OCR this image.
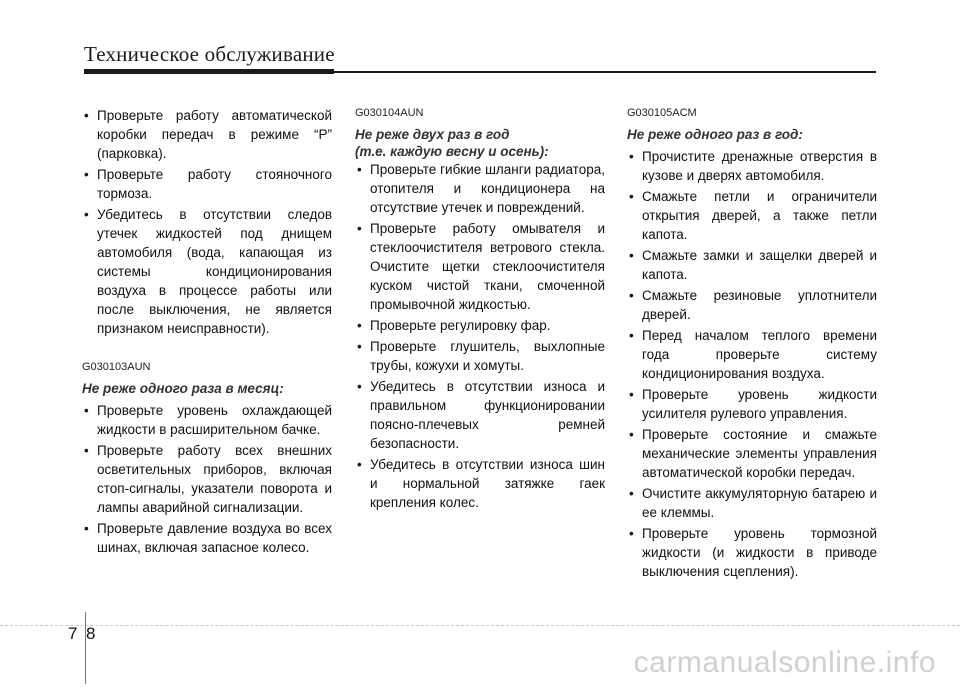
Техническое обслуживание
• Проверьте работу автоматической коробки передач в режиме “P” (парковка).
• Проверьте работу стояночного тормоза.
• Убедитесь в отсутствии следов утечек жидкостей под днищем автомобиля (вода, капающая из системы кондиционирования воздуха в процессе работы или после выключения, не является признаком неисправности).
G030103AUN
Не реже одного раза в месяц:
• Проверьте уровень охлаждающей жидкости в расширительном бачке.
• Проверьте работу всех внешних осветительных приборов, включая стоп-сигналы, указатели поворота и лампы аварийной сигнализации.
• Проверьте давление воздуха во всех шинах, включая запасное колесо.
G030104AUN
Не реже двух раз в год
(т.е. каждую весну и осень):
• Проверьте гибкие шланги радиатора, отопителя и кондиционера на отсутствие утечек и повреждений.
• Проверьте работу омывателя и стеклоочистителя ветрового стекла. Очистите щетки стеклоочистителя куском чистой ткани, смоченной промывочной жидкостью.
• Проверьте регулировку фар.
• Проверьте глушитель, выхлопные трубы, кожухи и хомуты.
• Убедитесь в отсутствии износа и правильном функционировании поясно-плечевых ремней безопасности.
• Убедитесь в отсутствии износа шин и нормальной затяжке гаек крепления колес.
G030105ACM
Не реже одного раз в год:
• Прочистите дренажные отверстия в кузове и дверях автомобиля.
• Смажьте петли и ограничители открытия дверей, а также петли капота.
• Смажьте замки и защелки дверей и капота.
• Смажьте резиновые уплотнители дверей.
• Перед началом теплого времени года проверьте систему кондиционирования воздуха.
• Проверьте уровень жидкости усилителя рулевого управления.
• Проверьте состояние и смажьте механические элементы управления автоматической коробки передач.
• Очистите аккумуляторную батарею и ее клеммы.
• Проверьте уровень тормозной жидкости (и жидкости в приводе выключения сцепления).
7 8
carmanualsonline.info
